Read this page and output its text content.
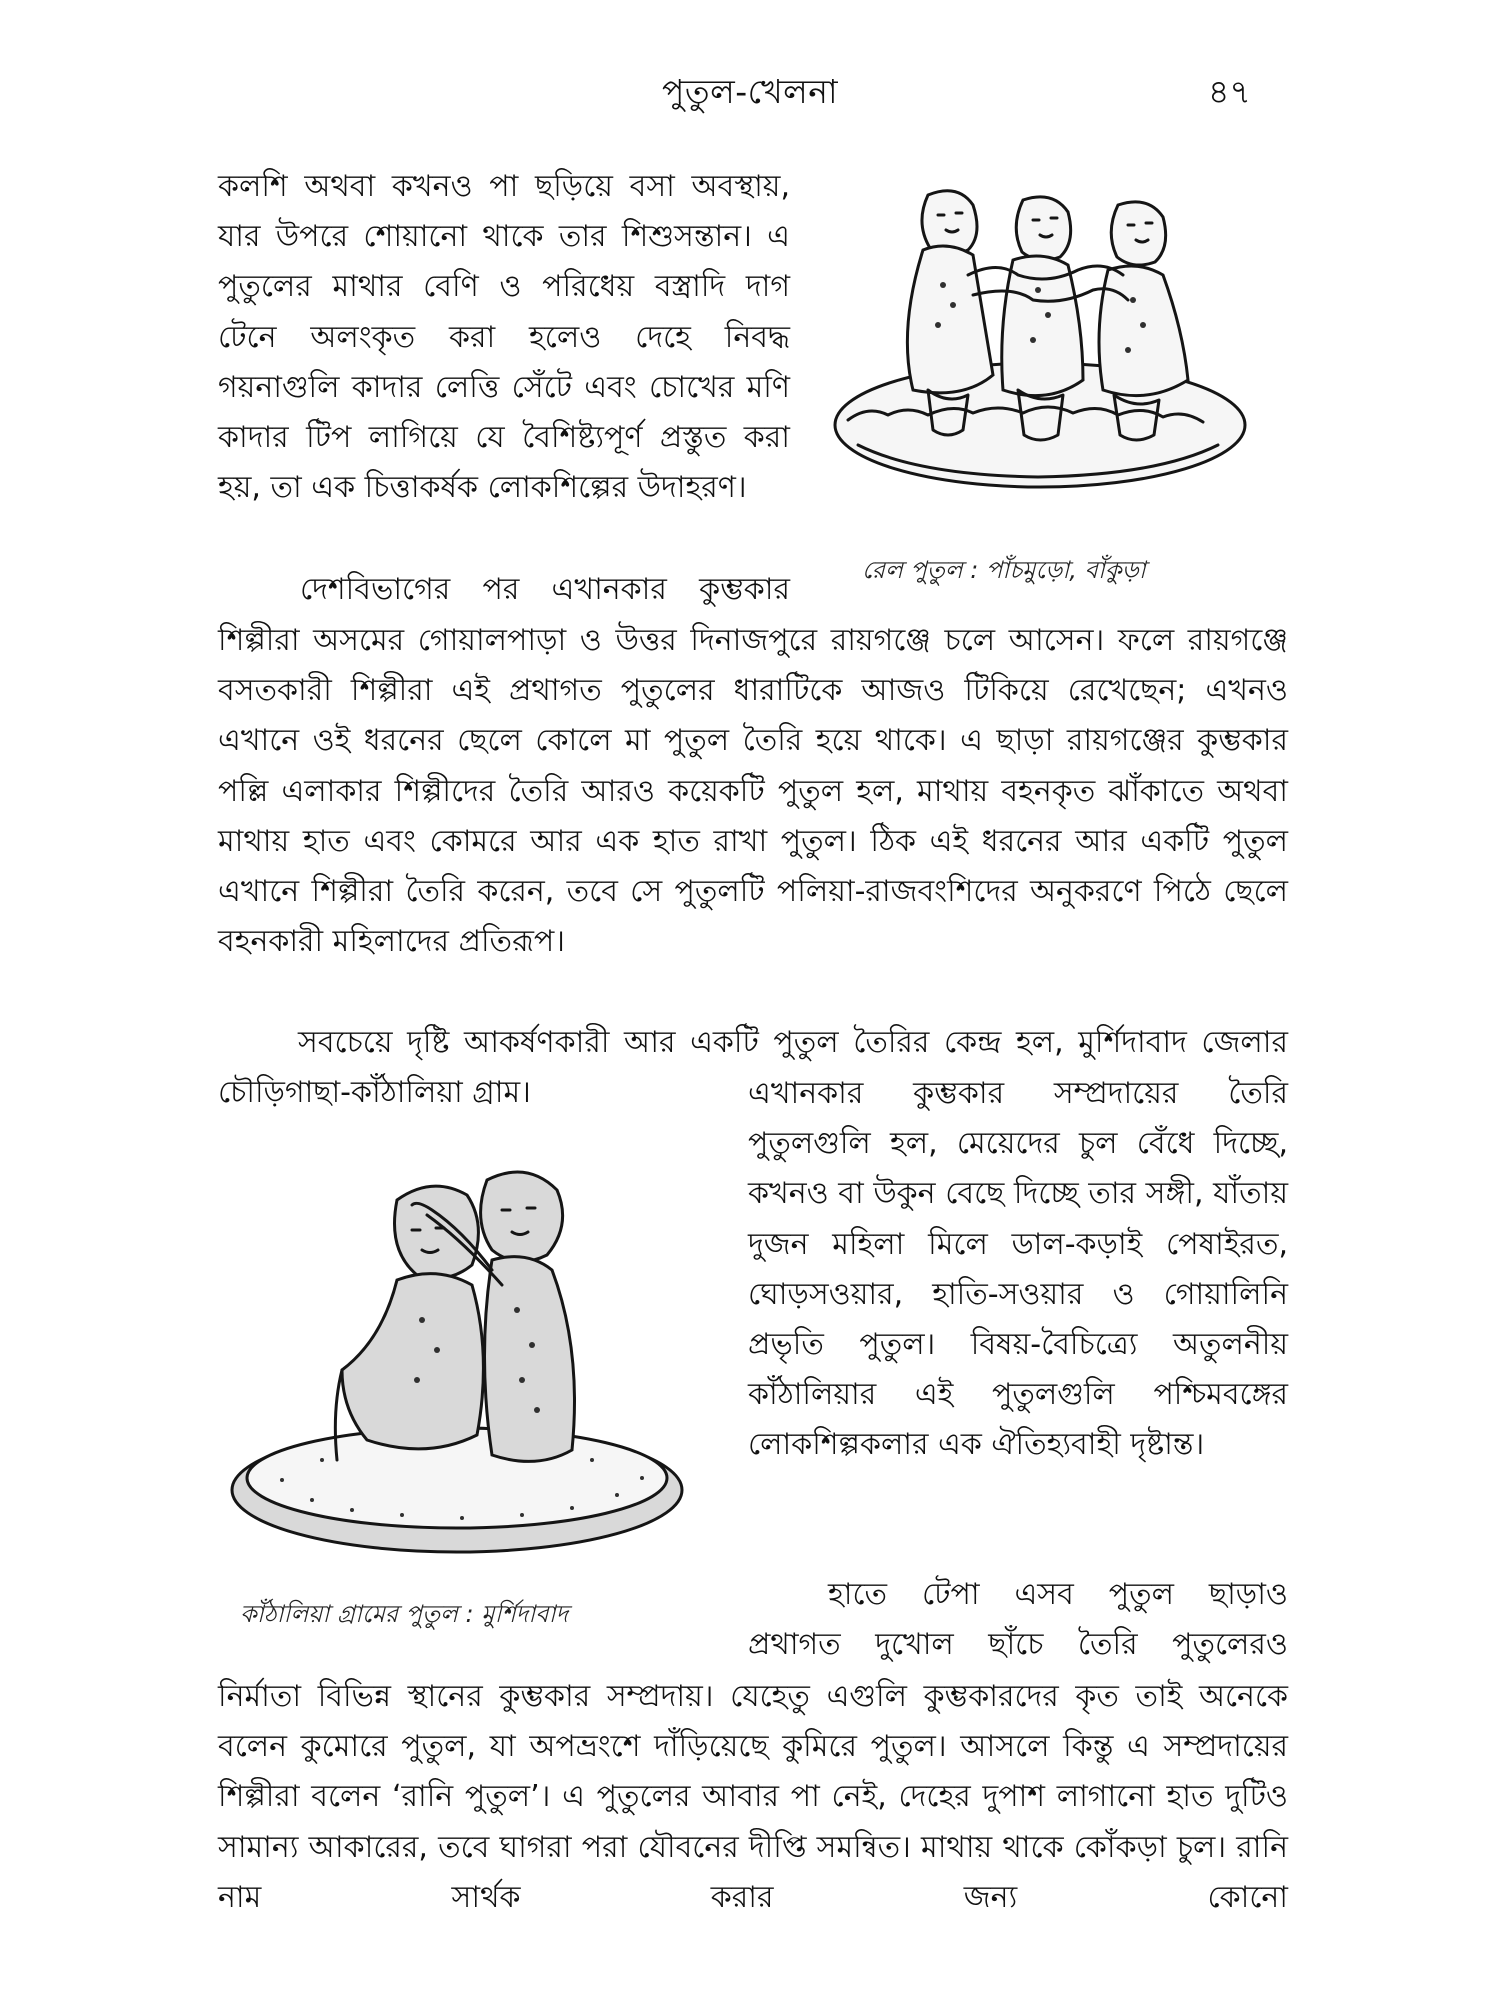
পুতুল-খেলনা	৪৭

কলশি অথবা কখনও পা ছড়িয়ে বসা অবস্থায়, যার উপরে শোয়ানো থাকে তার শিশুসন্তান। এ পুতুলের মাথার বেণি ও পরিধেয় বস্ত্রাদি দাগ টেনে অলংকৃত করা হলেও দেহে নিবদ্ধ গয়নাগুলি কাদার লেত্তি সেঁটে এবং চোখের মণি কাদার টিপ লাগিয়ে যে বৈশিষ্ট্যপূর্ণ প্রস্তুত করা হয়, তা এক চিত্তাকর্ষক লোকশিল্পের উদাহরণ।

দেশবিভাগের পর এখানকার কুম্ভকার

শিল্পীরা অসমের গোয়ালপাড়া ও উত্তর দিনাজপুরে রায়গঞ্জে চলে আসেন। ফলে রায়গঞ্জে বসতকারী শিল্পীরা এই প্রথাগত পুতুলের ধারাটিকে আজও টিকিয়ে রেখেছেন; এখনও এখানে ওই ধরনের ছেলে কোলে মা পুতুল তৈরি হয়ে থাকে। এ ছাড়া রায়গঞ্জের কুম্ভকার পল্লি এলাকার শিল্পীদের তৈরি আরও কয়েকটি পুতুল হল, মাথায় বহনকৃত ঝাঁকাতে অথবা মাথায় হাত এবং কোমরে আর এক হাত রাখা পুতুল। ঠিক এই ধরনের আর একটি পুতুল এখানে শিল্পীরা তৈরি করেন, তবে সে পুতুলটি পলিয়া-রাজবংশিদের অনুকরণে পিঠে ছেলে বহনকারী মহিলাদের প্রতিরূপ।

সবচেয়ে দৃষ্টি আকর্ষণকারী আর একটি পুতুল তৈরির কেন্দ্র হল, মুর্শিদাবাদ জেলার চৌড়িগাছা-কাঁঠালিয়া গ্রাম।	এখানকার কুম্ভকার সম্প্রদায়ের তৈরি পুতুলগুলি হল, মেয়েদের চুল বেঁধে দিচ্ছে, কখনও বা উকুন বেছে দিচ্ছে তার সঙ্গী, যাঁতায় দুজন মহিলা মিলে ডাল-কড়াই পেষাইরত, ঘোড়সওয়ার, হাতি-সওয়ার ও গোয়ালিনি প্রভৃতি পুতুল। বিষয়-বৈচিত্র্যে অতুলনীয় কাঁঠালিয়ার এই পুতুলগুলি পশ্চিমবঙ্গের লোকশিল্পকলার এক ঐতিহ্যবাহী দৃষ্টান্ত।

হাতে টেপা এসব পুতুল ছাড়াও প্রথাগত দুখোল ছাঁচে তৈরি পুতুলেরও

নির্মাতা বিভিন্ন স্থানের কুম্ভকার সম্প্রদায়। যেহেতু এগুলি কুম্ভকারদের কৃত তাই অনেকে বলেন কুমোরে পুতুল, যা অপভ্রংশে দাঁড়িয়েছে কুমিরে পুতুল। আসলে কিন্তু এ সম্প্রদায়ের শিল্পীরা বলেন ‘রানি পুতুল’। এ পুতুলের আবার পা নেই, দেহের দুপাশ লাগানো হাত দুটিও সামান্য আকারের, তবে ঘাগরা পরা যৌবনের দীপ্তি সমন্বিত। মাথায় থাকে কোঁকড়া চুল। রানি নাম সার্থক করার জন্য কোনো

রেল পুতুল : পাঁচমুড়ো, বাঁকুড়া
কাঁঠালিয়া গ্রামের পুতুল : মুর্শিদাবাদ
